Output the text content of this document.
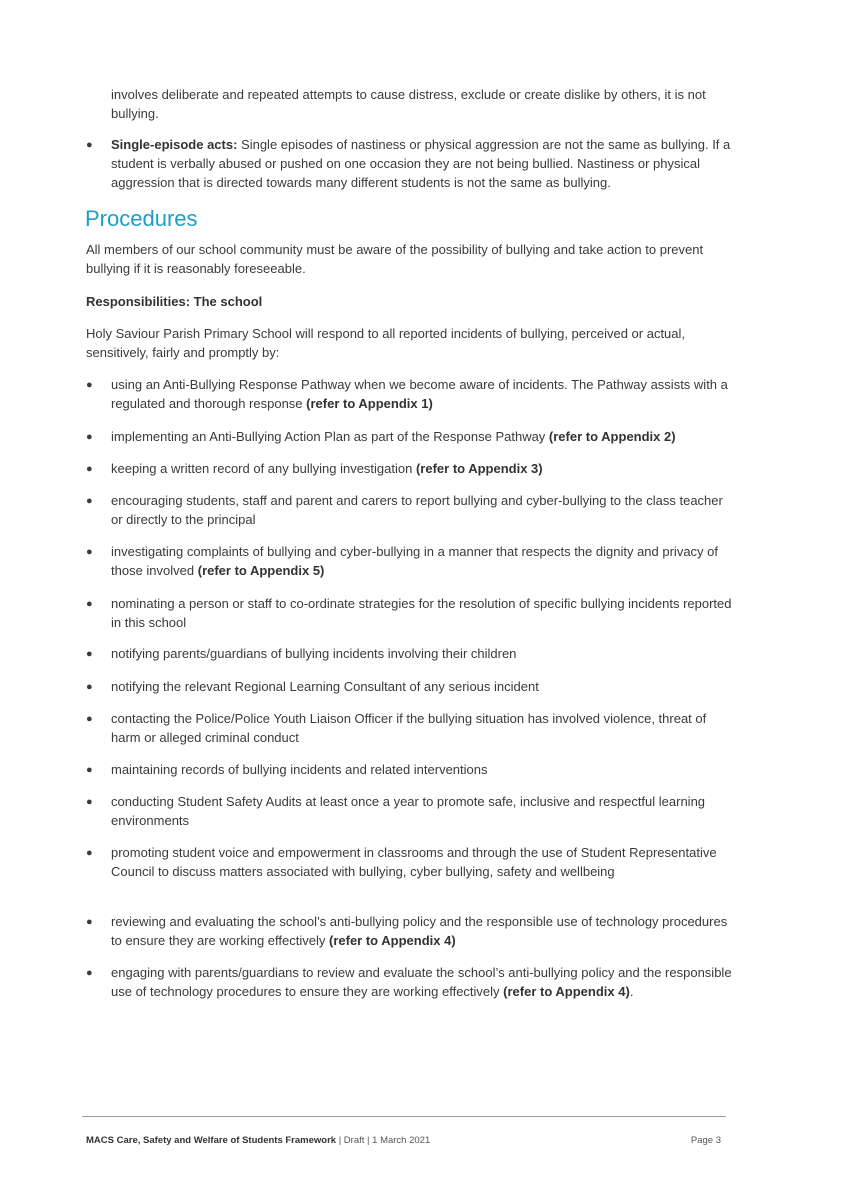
involves deliberate and repeated attempts to cause distress, exclude or create dislike by others, it is not bullying.

● Single-episode acts: Single episodes of nastiness or physical aggression are not the same as bullying. If a student is verbally abused or pushed on one occasion they are not being bullied. Nastiness or physical aggression that is directed towards many different students is not the same as bullying.

Procedures

All members of our school community must be aware of the possibility of bullying and take action to prevent bullying if it is reasonably foreseeable.

Responsibilities: The school

Holy Saviour Parish Primary School will respond to all reported incidents of bullying, perceived or actual, sensitively, fairly and promptly by:

● using an Anti-Bullying Response Pathway when we become aware of incidents. The Pathway assists with a regulated and thorough response (refer to Appendix 1)

● implementing an Anti-Bullying Action Plan as part of the Response Pathway (refer to Appendix 2)

● keeping a written record of any bullying investigation (refer to Appendix 3)

● encouraging students, staff and parent and carers to report bullying and cyber-bullying to the class teacher or directly to the principal

● investigating complaints of bullying and cyber-bullying in a manner that respects the dignity and privacy of those involved (refer to Appendix 5)

● nominating a person or staff to co-ordinate strategies for the resolution of specific bullying incidents reported in this school

● notifying parents/guardians of bullying incidents involving their children

● notifying the relevant Regional Learning Consultant of any serious incident

● contacting the Police/Police Youth Liaison Officer if the bullying situation has involved violence, threat of harm or alleged criminal conduct

● maintaining records of bullying incidents and related interventions

● conducting Student Safety Audits at least once a year to promote safe, inclusive and respectful learning environments

● promoting student voice and empowerment in classrooms and through the use of Student Representative Council to discuss matters associated with bullying, cyber bullying, safety and wellbeing

● reviewing and evaluating the school’s anti-bullying policy and the responsible use of technology procedures to ensure they are working effectively (refer to Appendix 4)

● engaging with parents/guardians to review and evaluate the school’s anti-bullying policy and the responsible use of technology procedures to ensure they are working effectively (refer to Appendix 4).

MACS Care, Safety and Welfare of Students Framework | Draft | 1 March 2021	Page 3
